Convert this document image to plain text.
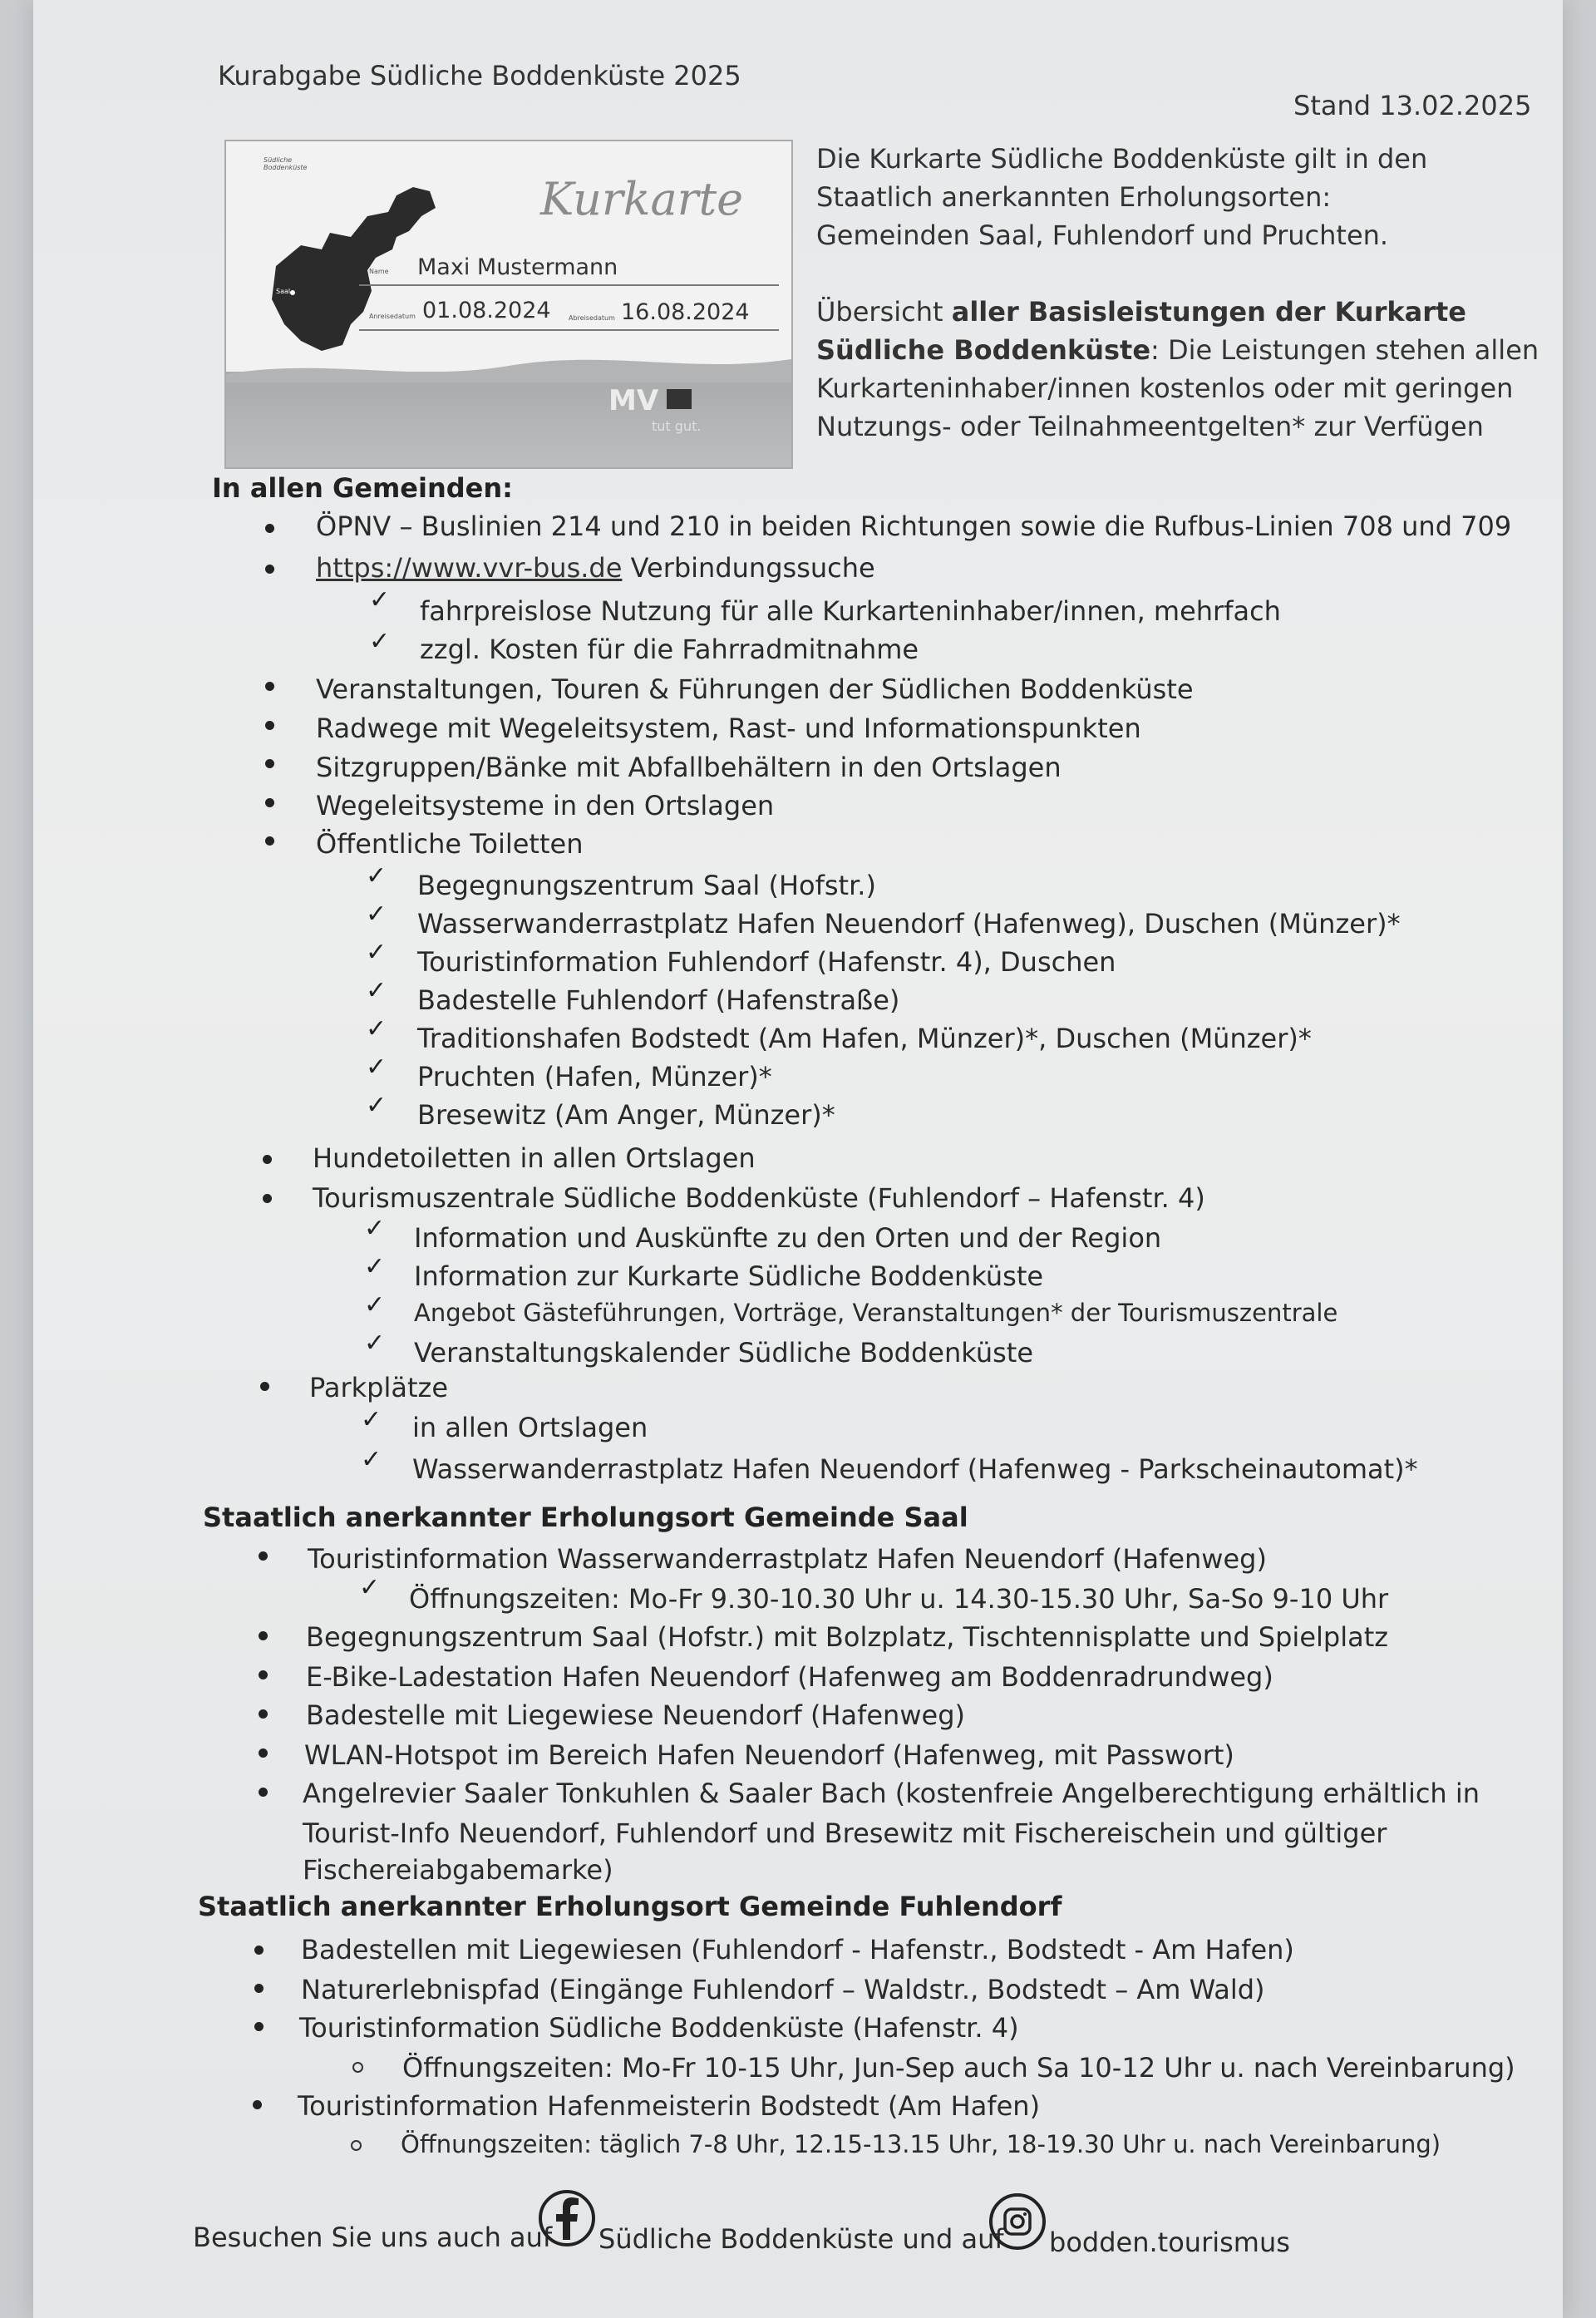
Kurabgabe Südliche Boddenküste 2025
Stand 13.02.2025
Südliche Boddenküste
Saal
Kurkarte
Name Maxi Mustermann
Anreisedatum 01.08.2024	Abreisedatum 16.08.2024
MV
tut gut.
Die Kurkarte Südliche Boddenküste gilt in den Staatlich anerkannten Erholungsorten: Gemeinden Saal, Fuhlendorf und Pruchten.
Übersicht aller Basisleistungen der Kurkarte Südliche Boddenküste: Die Leistungen stehen allen Kurkarteninhaber/innen kostenlos oder mit geringen Nutzungs- oder Teilnahmeentgelten* zur Verfügen
In allen Gemeinden:
ÖPNV – Buslinien 214 und 210 in beiden Richtungen sowie die Rufbus-Linien 708 und 709
https://www.vvr-bus.de Verbindungssuche
✓ fahrpreislose Nutzung für alle Kurkarteninhaber/innen, mehrfach
✓ zzgl. Kosten für die Fahrradmitnahme
Veranstaltungen, Touren & Führungen der Südlichen Boddenküste
Radwege mit Wegeleitsystem, Rast- und Informationspunkten
Sitzgruppen/Bänke mit Abfallbehältern in den Ortslagen
Wegeleitsysteme in den Ortslagen
Öffentliche Toiletten
✓ Begegnungszentrum Saal (Hofstr.)
✓ Wasserwanderrastplatz Hafen Neuendorf (Hafenweg), Duschen (Münzer)*
✓ Touristinformation Fuhlendorf (Hafenstr. 4), Duschen
✓ Badestelle Fuhlendorf (Hafenstraße)
✓ Traditionshafen Bodstedt (Am Hafen, Münzer)*, Duschen (Münzer)*
✓ Pruchten (Hafen, Münzer)*
✓ Bresewitz (Am Anger, Münzer)*
Hundetoiletten in allen Ortslagen
Tourismuszentrale Südliche Boddenküste (Fuhlendorf – Hafenstr. 4)
✓ Information und Auskünfte zu den Orten und der Region
✓ Information zur Kurkarte Südliche Boddenküste
✓ Angebot Gästeführungen, Vorträge, Veranstaltungen* der Tourismuszentrale
✓ Veranstaltungskalender Südliche Boddenküste
Parkplätze
✓ in allen Ortslagen
✓ Wasserwanderrastplatz Hafen Neuendorf (Hafenweg - Parkscheinautomat)*
Staatlich anerkannter Erholungsort Gemeinde Saal
Touristinformation Wasserwanderrastplatz Hafen Neuendorf (Hafenweg)
✓ Öffnungszeiten: Mo-Fr 9.30-10.30 Uhr u. 14.30-15.30 Uhr, Sa-So 9-10 Uhr
Begegnungszentrum Saal (Hofstr.) mit Bolzplatz, Tischtennisplatte und Spielplatz
E-Bike-Ladestation Hafen Neuendorf (Hafenweg am Boddenradrundweg)
Badestelle mit Liegewiese Neuendorf (Hafenweg)
WLAN-Hotspot im Bereich Hafen Neuendorf (Hafenweg, mit Passwort)
Angelrevier Saaler Tonkuhlen & Saaler Bach (kostenfreie Angelberechtigung erhältlich in
Tourist-Info Neuendorf, Fuhlendorf und Bresewitz mit Fischereischein und gültiger
Fischereiabgabemarke)
Staatlich anerkannter Erholungsort Gemeinde Fuhlendorf
Badestellen mit Liegewiesen (Fuhlendorf - Hafenstr., Bodstedt - Am Hafen)
Naturerlebnispfad (Eingänge Fuhlendorf – Waldstr., Bodstedt – Am Wald)
Touristinformation Südliche Boddenküste (Hafenstr. 4)
Öffnungszeiten: Mo-Fr 10-15 Uhr, Jun-Sep auch Sa 10-12 Uhr u. nach Vereinbarung)
Touristinformation Hafenmeisterin Bodstedt (Am Hafen)
Öffnungszeiten: täglich 7-8 Uhr, 12.15-13.15 Uhr, 18-19.30 Uhr u. nach Vereinbarung)
Besuchen Sie uns auch auf Südliche Boddenküste und auf bodden.tourismus
